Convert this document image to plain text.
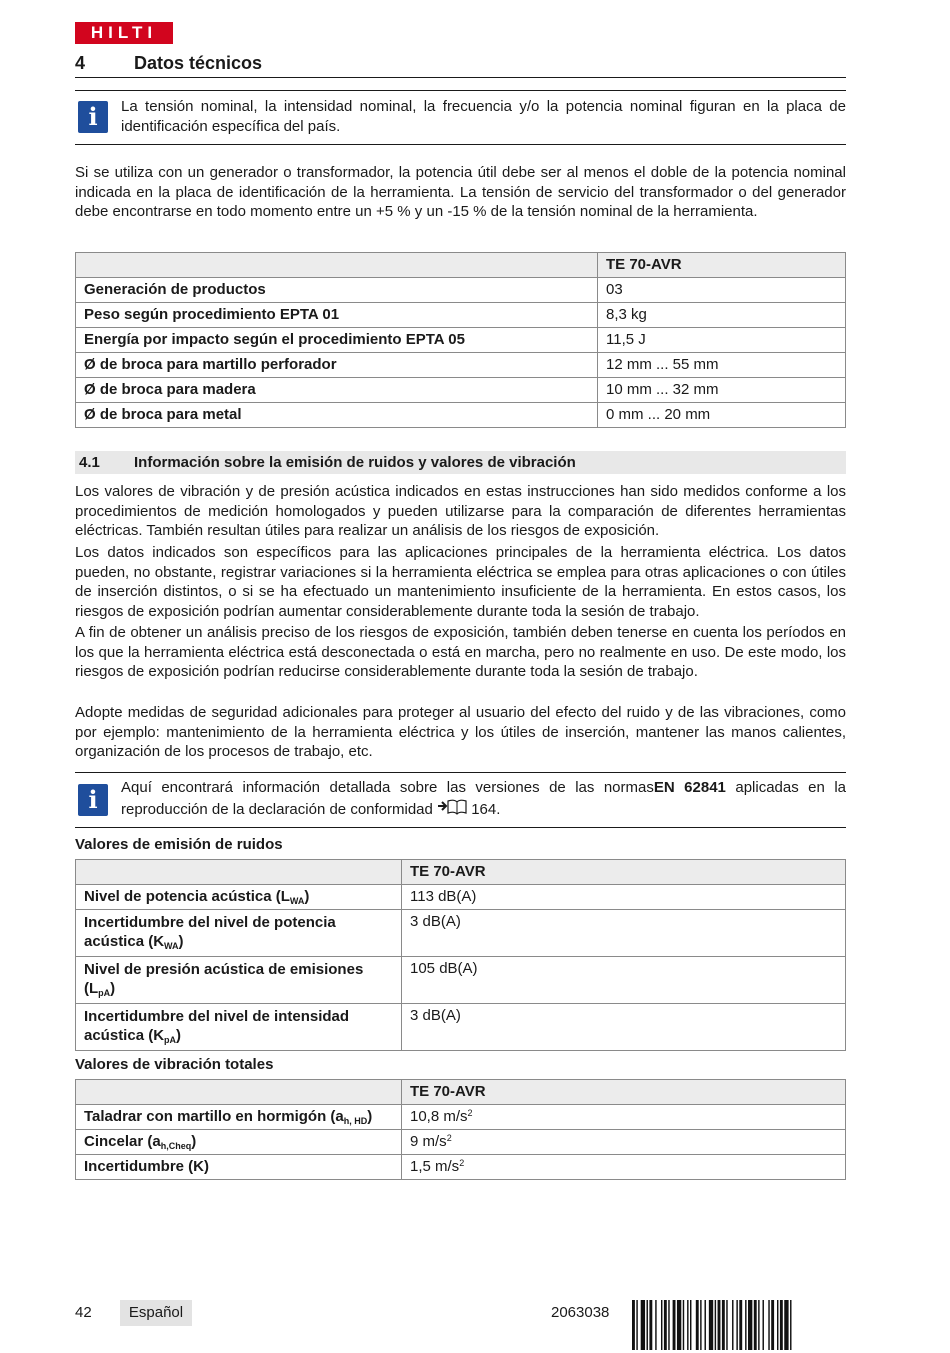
HILTI
4	Datos técnicos
i	La tensión nominal, la intensidad nominal, la frecuencia y/o la potencia nominal figuran en la placa de identificación específica del país.

Si se utiliza con un generador o transformador, la potencia útil debe ser al menos el doble de la potencia nominal indicada en la placa de identificación de la herramienta. La tensión de servicio del transformador o del generador debe encontrarse en todo momento entre un +5 % y un -15 % de la tensión nominal de la herramienta.

	TE 70-AVR
Generación de productos	03
Peso según procedimiento EPTA 01	8,3 kg
Energía por impacto según el procedimiento EPTA 05	11,5 J
Ø de broca para martillo perforador	12 mm ... 55 mm
Ø de broca para madera	10 mm ... 32 mm
Ø de broca para metal	0 mm ... 20 mm
4.1 Información sobre la emisión de ruidos y valores de vibración

Los valores de vibración y de presión acústica indicados en estas instrucciones han sido medidos conforme a los procedimientos de medición homologados y pueden utilizarse para la comparación de diferentes herramientas eléctricas. También resultan útiles para realizar un análisis de los riesgos de exposición.

Los datos indicados son específicos para las aplicaciones principales de la herramienta eléctrica. Los datos pueden, no obstante, registrar variaciones si la herramienta eléctrica se emplea para otras aplicaciones o con útiles de inserción distintos, o si se ha efectuado un mantenimiento insuficiente de la herramienta. En estos casos, los riesgos de exposición podrían aumentar considerablemente durante toda la sesión de trabajo.

A fin de obtener un análisis preciso de los riesgos de exposición, también deben tenerse en cuenta los períodos en los que la herramienta eléctrica está desconectada o está en marcha, pero no realmente en uso. De este modo, los riesgos de exposición podrían reducirse considerablemente durante toda la sesión de trabajo.

Adopte medidas de seguridad adicionales para proteger al usuario del efecto del ruido y de las vibraciones, como por ejemplo: mantenimiento de la herramienta eléctrica y los útiles de inserción, mantener las manos calientes, organización de los procesos de trabajo, etc.

i	Aquí encontrará información detallada sobre las versiones de las normasEN 62841 aplicadas en la reproducción de la declaración de conformidad  164.
Valores de emisión de ruidos
	TE 70-AVR
Nivel de potencia acústica $(L_{WA})$	113 dB(A)
Incertidumbre del nivel de potencia acústica $(K_{WA})$	3 dB(A)
Nivel de presión acústica de emisiones $(L_{pA})$	105 dB(A)
Incertidumbre del nivel de intensidad acústica $(K_{pA})$	3 dB(A)
Valores de vibración totales
	TE 70-AVR
Taladrar con martillo en hormigón $(a_{h, HD})$	10,8 $m/s^2$
Cincelar $(a_{h,Cheq})$	9 $m/s^2$
Incertidumbre (K)	1,5 $m/s^2$
42	Español	2063038
